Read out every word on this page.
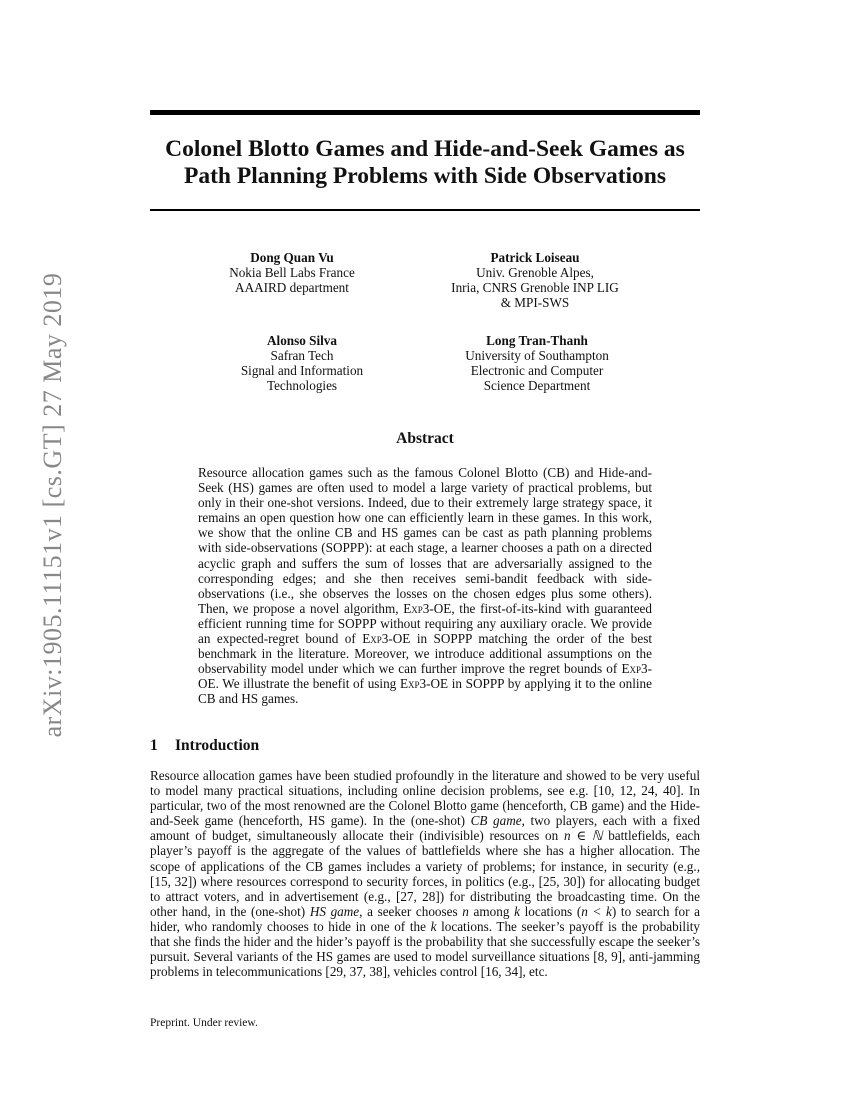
arXiv:1905.11151v1 [cs.GT] 27 May 2019
Colonel Blotto Games and Hide-and-Seek Games as
Path Planning Problems with Side Observations
Dong Quan Vu
Nokia Bell Labs France
AAAIRD department
Patrick Loiseau
Univ. Grenoble Alpes,
Inria, CNRS Grenoble INP LIG
& MPI-SWS
Alonso Silva
Safran Tech
Signal and Information
Technologies
Long Tran-Thanh
University of Southampton
Electronic and Computer
Science Department
Abstract
Resource allocation games such as the famous Colonel Blotto (CB) and Hide-and-Seek (HS) games are often used to model a large variety of practical problems, but only in their one-shot versions. Indeed, due to their extremely large strategy space, it remains an open question how one can efficiently learn in these games. In this work, we show that the online CB and HS games can be cast as path planning problems with side-observations (SOPPP): at each stage, a learner chooses a path on a directed acyclic graph and suffers the sum of losses that are adversarially assigned to the corresponding edges; and she then receives semi-bandit feedback with side-observations (i.e., she observes the losses on the chosen edges plus some others). Then, we propose a novel algorithm, Exp3-OE, the first-of-its-kind with guaranteed efficient running time for SOPPP without requiring any auxiliary oracle. We provide an expected-regret bound of Exp3-OE in SOPPP matching the order of the best benchmark in the literature. Moreover, we introduce additional assumptions on the observability model under which we can further improve the regret bounds of Exp3-OE. We illustrate the benefit of using Exp3-OE in SOPPP by applying it to the online CB and HS games.
1 Introduction
Resource allocation games have been studied profoundly in the literature and showed to be very useful to model many practical situations, including online decision problems, see e.g. [10, 12, 24, 40]. In particular, two of the most renowned are the Colonel Blotto game (henceforth, CB game) and the Hide-and-Seek game (henceforth, HS game). In the (one-shot) CB game, two players, each with a fixed amount of budget, simultaneously allocate their (indivisible) resources on n ∈ ℕ battlefields, each player’s payoff is the aggregate of the values of battlefields where she has a higher allocation. The scope of applications of the CB games includes a variety of problems; for instance, in security (e.g., [15, 32]) where resources correspond to security forces, in politics (e.g., [25, 30]) for allocating budget to attract voters, and in advertisement (e.g., [27, 28]) for distributing the broadcasting time. On the other hand, in the (one-shot) HS game, a seeker chooses n among k locations (n < k) to search for a hider, who randomly chooses to hide in one of the k locations. The seeker’s payoff is the probability that she finds the hider and the hider’s payoff is the probability that she successfully escape the seeker’s pursuit. Several variants of the HS games are used to model surveillance situations [8, 9], anti-jamming problems in telecommunications [29, 37, 38], vehicles control [16, 34], etc.
Preprint. Under review.
